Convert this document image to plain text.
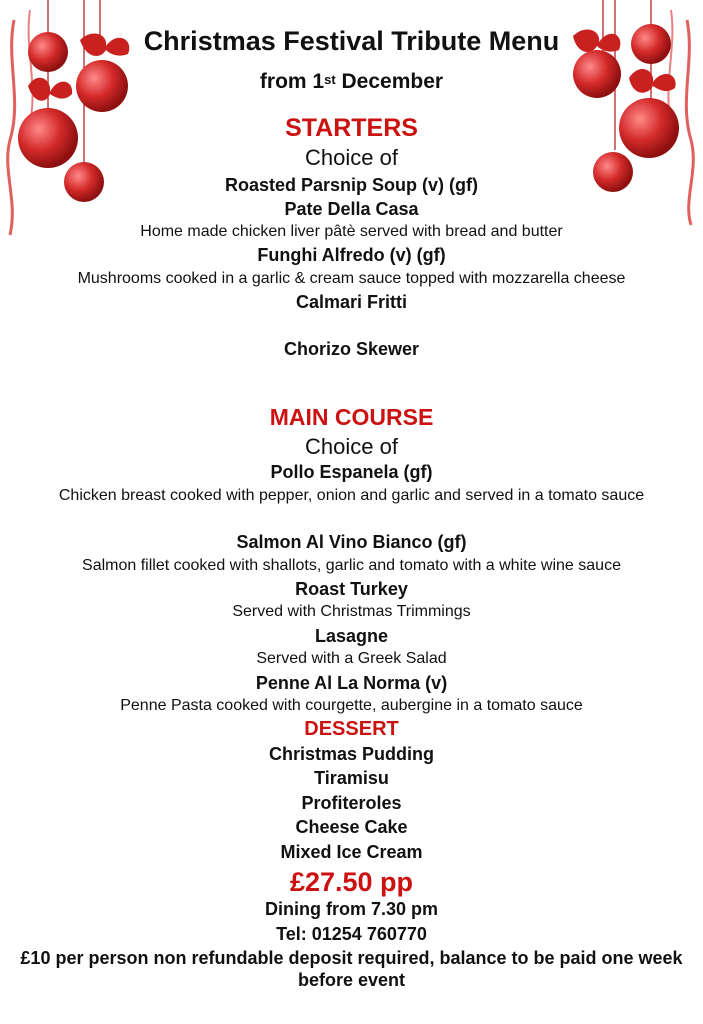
Christmas Festival Tribute Menu
from 1st December
STARTERS
Choice of
Roasted Parsnip Soup (v) (gf)
Pate Della Casa
Home made chicken liver pâtè served with bread and butter
Funghi Alfredo (v) (gf)
Mushrooms cooked in a garlic & cream sauce topped with mozzarella cheese
Calmari Fritti
Chorizo Skewer
MAIN COURSE
Choice of
Pollo Espanela (gf)
Chicken breast cooked with pepper, onion and garlic and served in a tomato sauce
Salmon Al Vino Bianco (gf)
Salmon fillet cooked with shallots, garlic and tomato with a white wine sauce
Roast Turkey
Served with Christmas Trimmings
Lasagne
Served with a Greek Salad
Penne Al La Norma (v)
Penne Pasta cooked with courgette, aubergine in a tomato sauce
DESSERT
Christmas Pudding
Tiramisu
Profiteroles
Cheese Cake
Mixed Ice Cream
£27.50 pp
Dining from 7.30 pm
Tel: 01254 760770
£10 per person non refundable deposit required, balance to be paid one week before event
